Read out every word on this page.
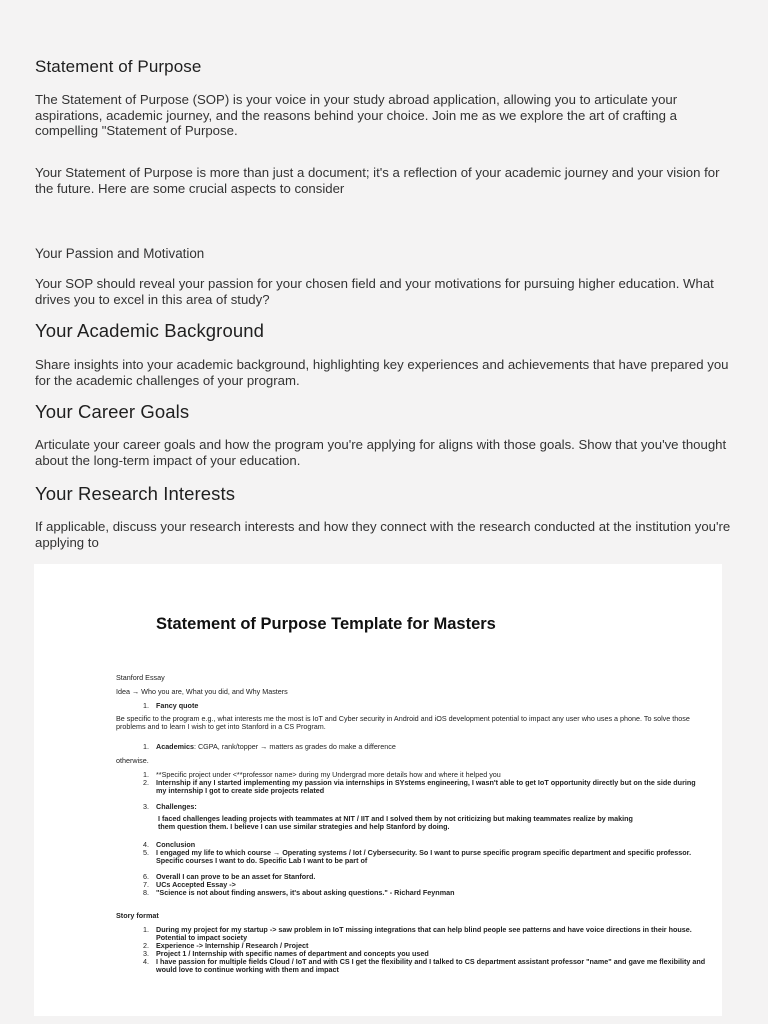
Statement of Purpose

The Statement of Purpose (SOP) is your voice in your study abroad application, allowing you to articulate your aspirations, academic journey, and the reasons behind your choice. Join me as we explore the art of crafting a compelling "Statement of Purpose.

Your Statement of Purpose is more than just a document; it's a reflection of your academic journey and your vision for the future. Here are some crucial aspects to consider

Your Passion and Motivation

Your SOP should reveal your passion for your chosen field and your motivations for pursuing higher education. What drives you to excel in this area of study?

Your Academic Background

Share insights into your academic background, highlighting key experiences and achievements that have prepared you for the academic challenges of your program.

Your Career Goals

Articulate your career goals and how the program you're applying for aligns with those goals. Show that you've thought about the long-term impact of your education.

Your Research Interests

If applicable, discuss your research interests and how they connect with the research conducted at the institution you're applying to

Statement of Purpose Template for Masters
Stanford Essay
Idea → Who you are, What you did, and Why Masters
1. Fancy quote
Be specific to the program e.g., what interests me the most is IoT and Cyber security in Android and iOS development potential to impact any user who uses a phone. To solve those problems and to learn I wish to get into Stanford in a CS Program.
1. Academics: CGPA, rank/topper → matters as grades do make a difference
otherwise.
1. **Specific project under <**professor name> during my Undergrad more details how and where it helped you
2. Internship if any I started implementing my passion via internships in SYstems engineering, I wasn't able to get IoT opportunity directly but on the side during my internship I got to create side projects related
3. Challenges:
I faced challenges leading projects with teammates at NIT / IIT and I solved them by not criticizing but making teammates realize by making them question them. I believe I can use similar strategies and help Stanford by doing.
4. Conclusion
5. I engaged my life to which course → Operating systems / Iot / Cybersecurity. So I want to purse specific program specific department and specific professor. Specific courses I want to do. Specific Lab I want to be part of
6. Overall I can prove to be an asset for Stanford.
7. UCs Accepted Essay ->
8. "Science is not about finding answers, it's about asking questions." - Richard Feynman
Story format
1. During my project for my startup -> saw problem in IoT missing integrations that can help blind people see patterns and have voice directions in their house. Potential to impact society
2. Experience -> Internship / Research / Project
3. Project 1 / Internship with specific names of department and concepts you used
4. I have passion for multiple fields Cloud / IoT and with CS I get the flexibility and I talked to CS department assistant professor "name" and gave me flexibility and would love to continue working with them and impact
